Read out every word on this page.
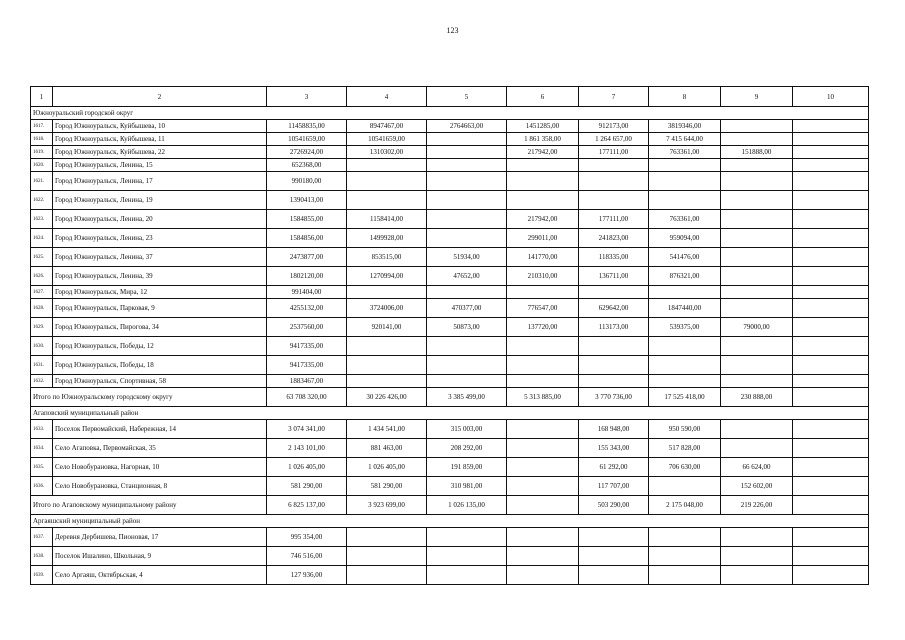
123
1	2	3	4	5	6	7	8	9	10
Южноуральский городской округ									
1617.	Город Южноуральск, Куйбышева, 10	11458835,00	8947467,00	2764663,00	1451285,00	912173,00	3819346,00		
1618.	Город Южноуральск, Куйбышева, 11	10541659,00	10541659,00		1 861 358,00	1 264 657,00	7 415 644,00		
1619.	Город Южноуральск, Куйбышева, 22	2726924,00	1310302,00		217942,00	177111,00	763361,00	151888,00	
1620.	Город Южноуральск, Ленина, 15	652368,00							
1621.	Город Южноуральск, Ленина, 17	990180,00							
1622.	Город Южноуральск, Ленина, 19	1390413,00							
1623.	Город Южноуральск, Ленина, 20	1584855,00	1158414,00		217942,00	177111,00	763361,00		
1624.	Город Южноуральск, Ленина, 23	1584856,00	1499928,00		299011,00	241823,00	959094,00		
1625.	Город Южноуральск, Ленина, 37	2473877,00	853515,00	51934,00	141770,00	118335,00	541476,00		
1626.	Город Южноуральск, Ленина, 39	1802120,00	1270994,00	47652,00	210310,00	136711,00	876321,00		
1627.	Город Южноуральск, Мира, 12	991404,00							
1628.	Город Южноуральск, Парковая, 9	4255132,00	3724006,00	470377,00	776547,00	629642,00	1847440,00		
1629.	Город Южноуральск, Пирогова, 34	2537560,00	920141,00	50873,00	137720,00	113173,00	539375,00	79000,00	
1630.	Город Южноуральск, Победы, 12	9417335,00							
1631.	Город Южноуральск, Победы, 18	9417335,00							
1632.	Город Южноуральск, Спортивная, 58	1883467,00							
Итого по Южноуральскому городскому округу		63 708 320,00	30 226 426,00	3 385 499,00	5 313 885,00	3 770 736,00	17 525 418,00	230 888,00	
Агаповский муниципальный район									
1633.	Поселок Первомайский, Набережная, 14	3 074 341,00	1 434 541,00	315 003,00		168 948,00	950 590,00		
1634.	Село Агаповка, Первомайская, 35	2 143 101,00	881 463,00	208 292,00		155 343,00	517 828,00		
1635.	Село Новобурановка, Нагорная, 10	1 026 405,00	1 026 405,00	191 859,00		61 292,00	706 630,00	66 624,00	
1636.	Село Новобурановка, Станционная, 8	581 290,00	581 290,00	310 981,00		117 707,00		152 602,00	
Итого по Агаповскому муниципальному району		6 825 137,00	3 923 699,00	1 026 135,00		503 290,00	2 175 048,00	219 226,00	
Аргаяшский муниципальный район									
1637.	Деревня Дербишева, Пионовая, 17	995 354,00							
1638.	Поселок Ишалино, Школьная, 9	746 516,00							
1639.	Село Аргаяш, Октябрьская, 4	127 936,00							
